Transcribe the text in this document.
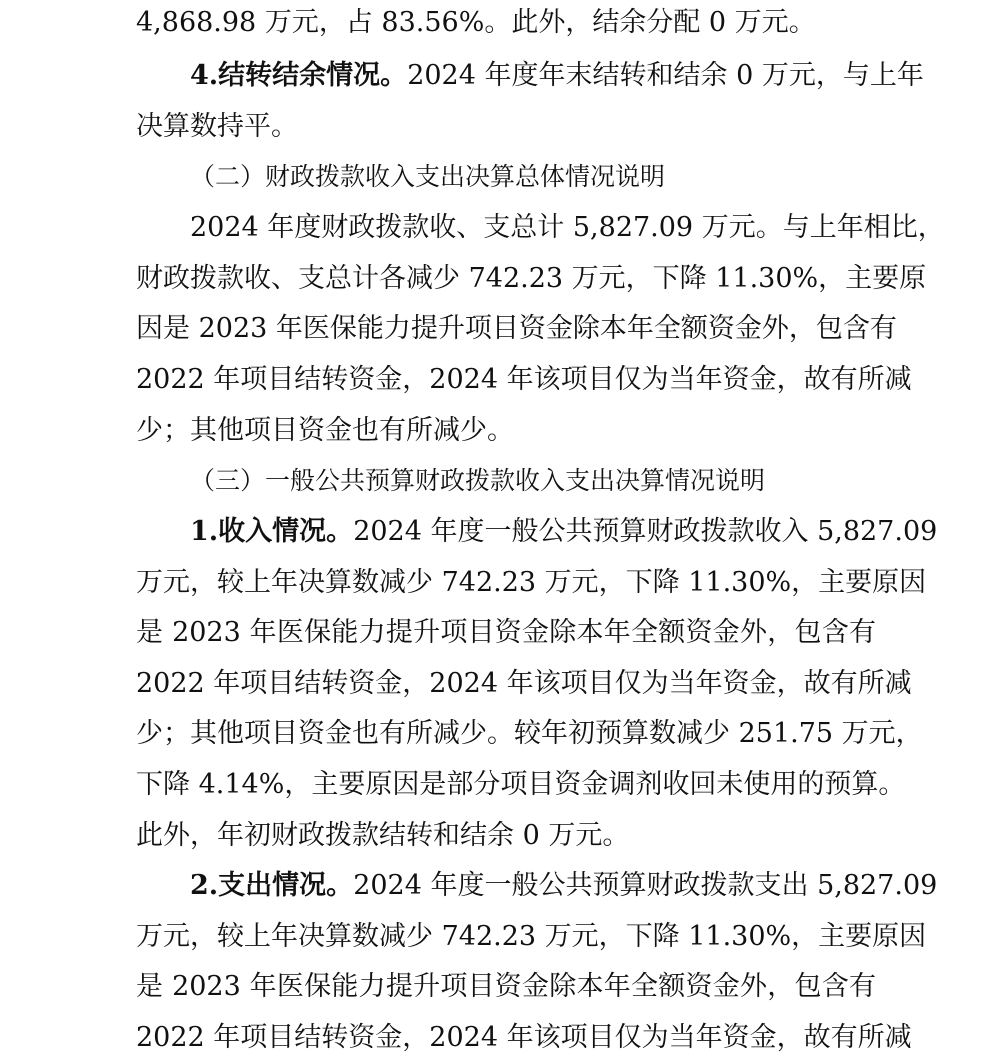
4,868.98 万元，占 83.56%。此外，结余分配 0 万元。

4.结转结余情况。2024 年度年末结转和结余 0 万元，与上年

决算数持平。

（二）财政拨款收入支出决算总体情况说明

2024 年度财政拨款收、支总计 5,827.09 万元。与上年相比，

财政拨款收、支总计各减少 742.23 万元，下降 11.30%，主要原

因是 2023 年医保能力提升项目资金除本年全额资金外，包含有

2022 年项目结转资金，2024 年该项目仅为当年资金，故有所减

少；其他项目资金也有所减少。

（三）一般公共预算财政拨款收入支出决算情况说明

1.收入情况。2024 年度一般公共预算财政拨款收入 5,827.09

万元，较上年决算数减少 742.23 万元，下降 11.30%，主要原因

是 2023 年医保能力提升项目资金除本年全额资金外，包含有

2022 年项目结转资金，2024 年该项目仅为当年资金，故有所减

少；其他项目资金也有所减少。较年初预算数减少 251.75 万元，

下降 4.14%，主要原因是部分项目资金调剂收回未使用的预算。

此外，年初财政拨款结转和结余 0 万元。

2.支出情况。2024 年度一般公共预算财政拨款支出 5,827.09

万元，较上年决算数减少 742.23 万元，下降 11.30%，主要原因

是 2023 年医保能力提升项目资金除本年全额资金外，包含有

2022 年项目结转资金，2024 年该项目仅为当年资金，故有所减
